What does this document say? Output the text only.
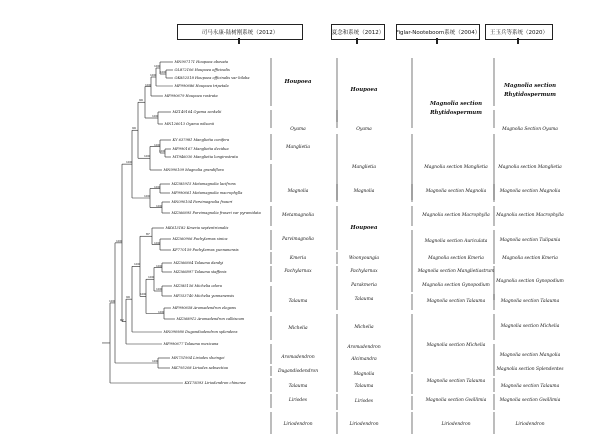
司马永康-陆树刚系统（2012）	夏念和系统（2012） Figlar-Nooteboom系统（2004）	王玉兵等系统（2020）
MN907171 Houpoea obovata
OL872106 Houpoea officinalis
OK852518 Houpoea officinalis var biloba
MF990686 Houpoea tripetala
MF990679 Houpoea rostrata
MZ149164 Oyama zenkelii
MN126013 Oyama wilsonii
KY 637981 Manglietia conifera
MF990167 Manglietia decidua
MT946030 Manglietia longirostrata
MN990109 Magnolia grandiflora
MZ385915 Metamagnolia lacifrons
MF990661 Metamagnolia macrophylla
MN090104 Parvimagnolia fraseri
MZ366695 Parvimagnolia fraseri var pyramidata
MK613182 Kmeria septentrionalis
MZ360906 Pachylarnax sinica
KF770159 Pachylarnax yunnanensis
MZ366604 Talauma dandyi
MZ366897 Talauma staffenis
MZ385156 Michelia odora
MF353740 Michelia yunnanensis
MF990658 Aromadendron elegans
MZ368912 Aromadendron calbiscum
MN090980 Dugandiodendron splendens
MF990677 Talauma mexicana
MN751904 Liriodes sheingei
MK795208 Liriodes sabsectioa
KX178393 Liriodendron chinense
100
100
100
100
100
99
100
100
100
99
100
100
100
100
100
87
100
100
100
100
100
100
99
62
100
100
100
Houpoea
Oyama
Manglietia
Magnolia
Metamagnolia
Parvimagnolia
Kmeria
Pachylarnax
Talauma
Michelia
Aromadendron
Dugandiodendron
Talauma
Liriodes
Liriodendron
Houpoea
Oyama
Manglietia
Magnolia
Houpoea
Woonyoungia
Pachylarnax
Parakmeria
Talauma
Michelia
Aromadendron
Alcimandra
Magnolia
Talauma
Liriodes
Liriodendron
Magnolia section
Rhytidospermum
Magnolia section Manglietia
Magnolia section Magnolia
Magnolia section Macrophylla
Magnolia section Auriculata
Magnolia section Kmeria
Magnolia section Manglietiastrum
Magnolia section Gynopodium
Magnolia section Talauma
Magnolia section Michelia
Magnolia section Talauma
Magnolia section Gwillimia
Liriodendron
Magnolia section
Rhytidospermum
Magnolia Section Oyama
Magnolia section Manglietia
Magnolia section Magnolia
Magnolia section Macrophylla
Magnolia section Tulipania
Magnolia section Kmeria
Magnolia section Gynopodium
Magnolia section Talauma
Magnolia section Michelia
Magnolia section Mangolia
Magnolia section Splendentes
Magnolia section Talauma
Magnolia section Gwillimia
Liriodendron
